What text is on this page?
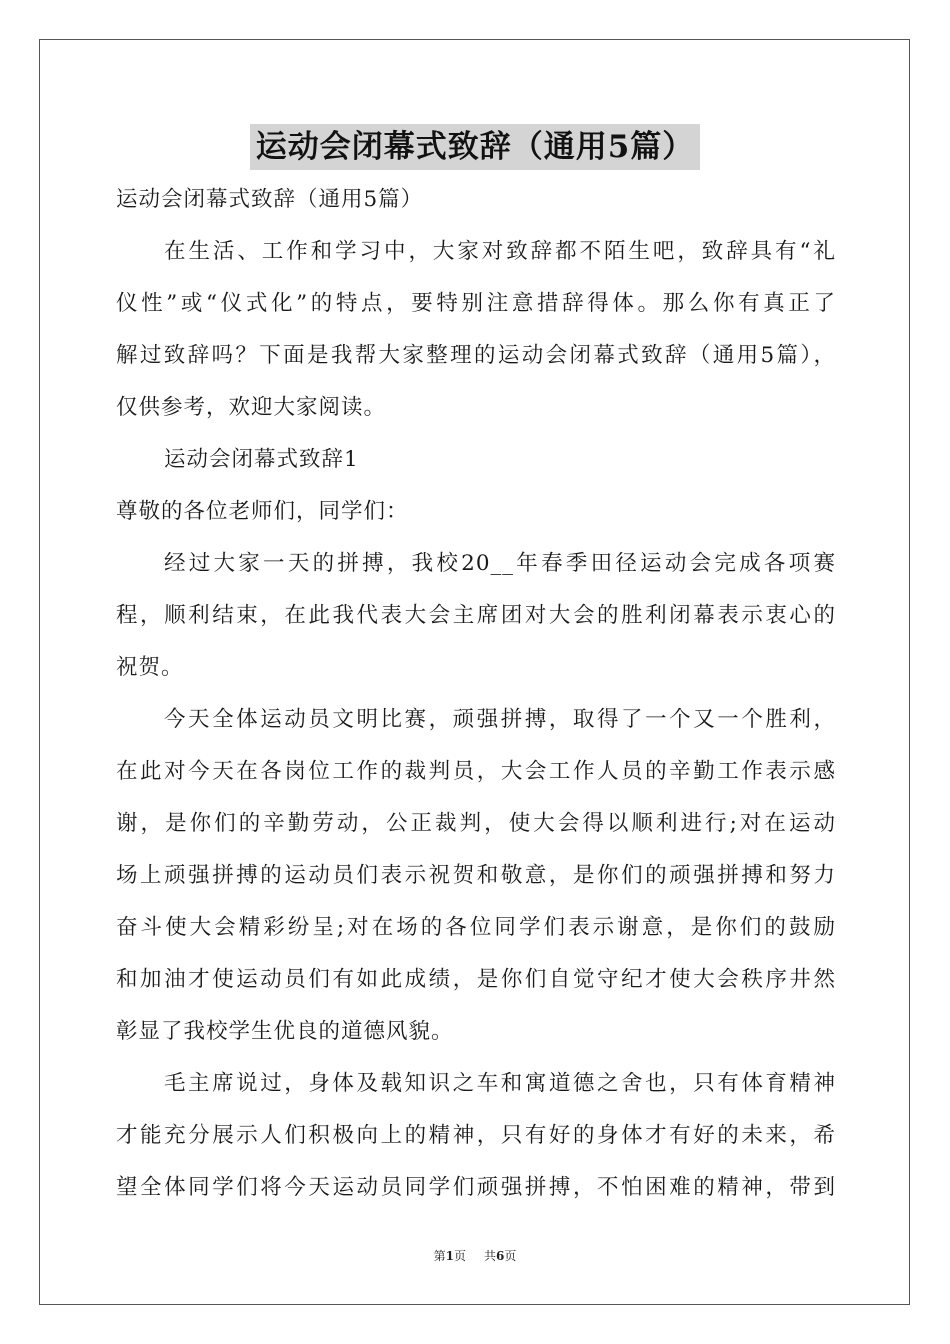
运动会闭幕式致辞（通用5篇）
运动会闭幕式致辞（通用5篇）
在生活、工作和学习中，大家对致辞都不陌生吧，致辞具有“礼
仪性”或“仪式化”的特点，要特别注意措辞得体。那么你有真正了
解过致辞吗？下面是我帮大家整理的运动会闭幕式致辞（通用5篇），
仅供参考，欢迎大家阅读。
运动会闭幕式致辞1
尊敬的各位老师们，同学们：
经过大家一天的拼搏，我校20__年春季田径运动会完成各项赛
程，顺利结束，在此我代表大会主席团对大会的胜利闭幕表示衷心的
祝贺。
今天全体运动员文明比赛，顽强拼搏，取得了一个又一个胜利，
在此对今天在各岗位工作的裁判员，大会工作人员的辛勤工作表示感
谢，是你们的辛勤劳动，公正裁判，使大会得以顺利进行;对在运动
场上顽强拼搏的运动员们表示祝贺和敬意，是你们的顽强拼搏和努力
奋斗使大会精彩纷呈;对在场的各位同学们表示谢意，是你们的鼓励
和加油才使运动员们有如此成绩，是你们自觉守纪才使大会秩序井然
彰显了我校学生优良的道德风貌。
毛主席说过，身体及载知识之车和寓道德之舍也，只有体育精神
才能充分展示人们积极向上的精神，只有好的身体才有好的未来，希
望全体同学们将今天运动员同学们顽强拼搏，不怕困难的精神，带到
第1页 共6页
